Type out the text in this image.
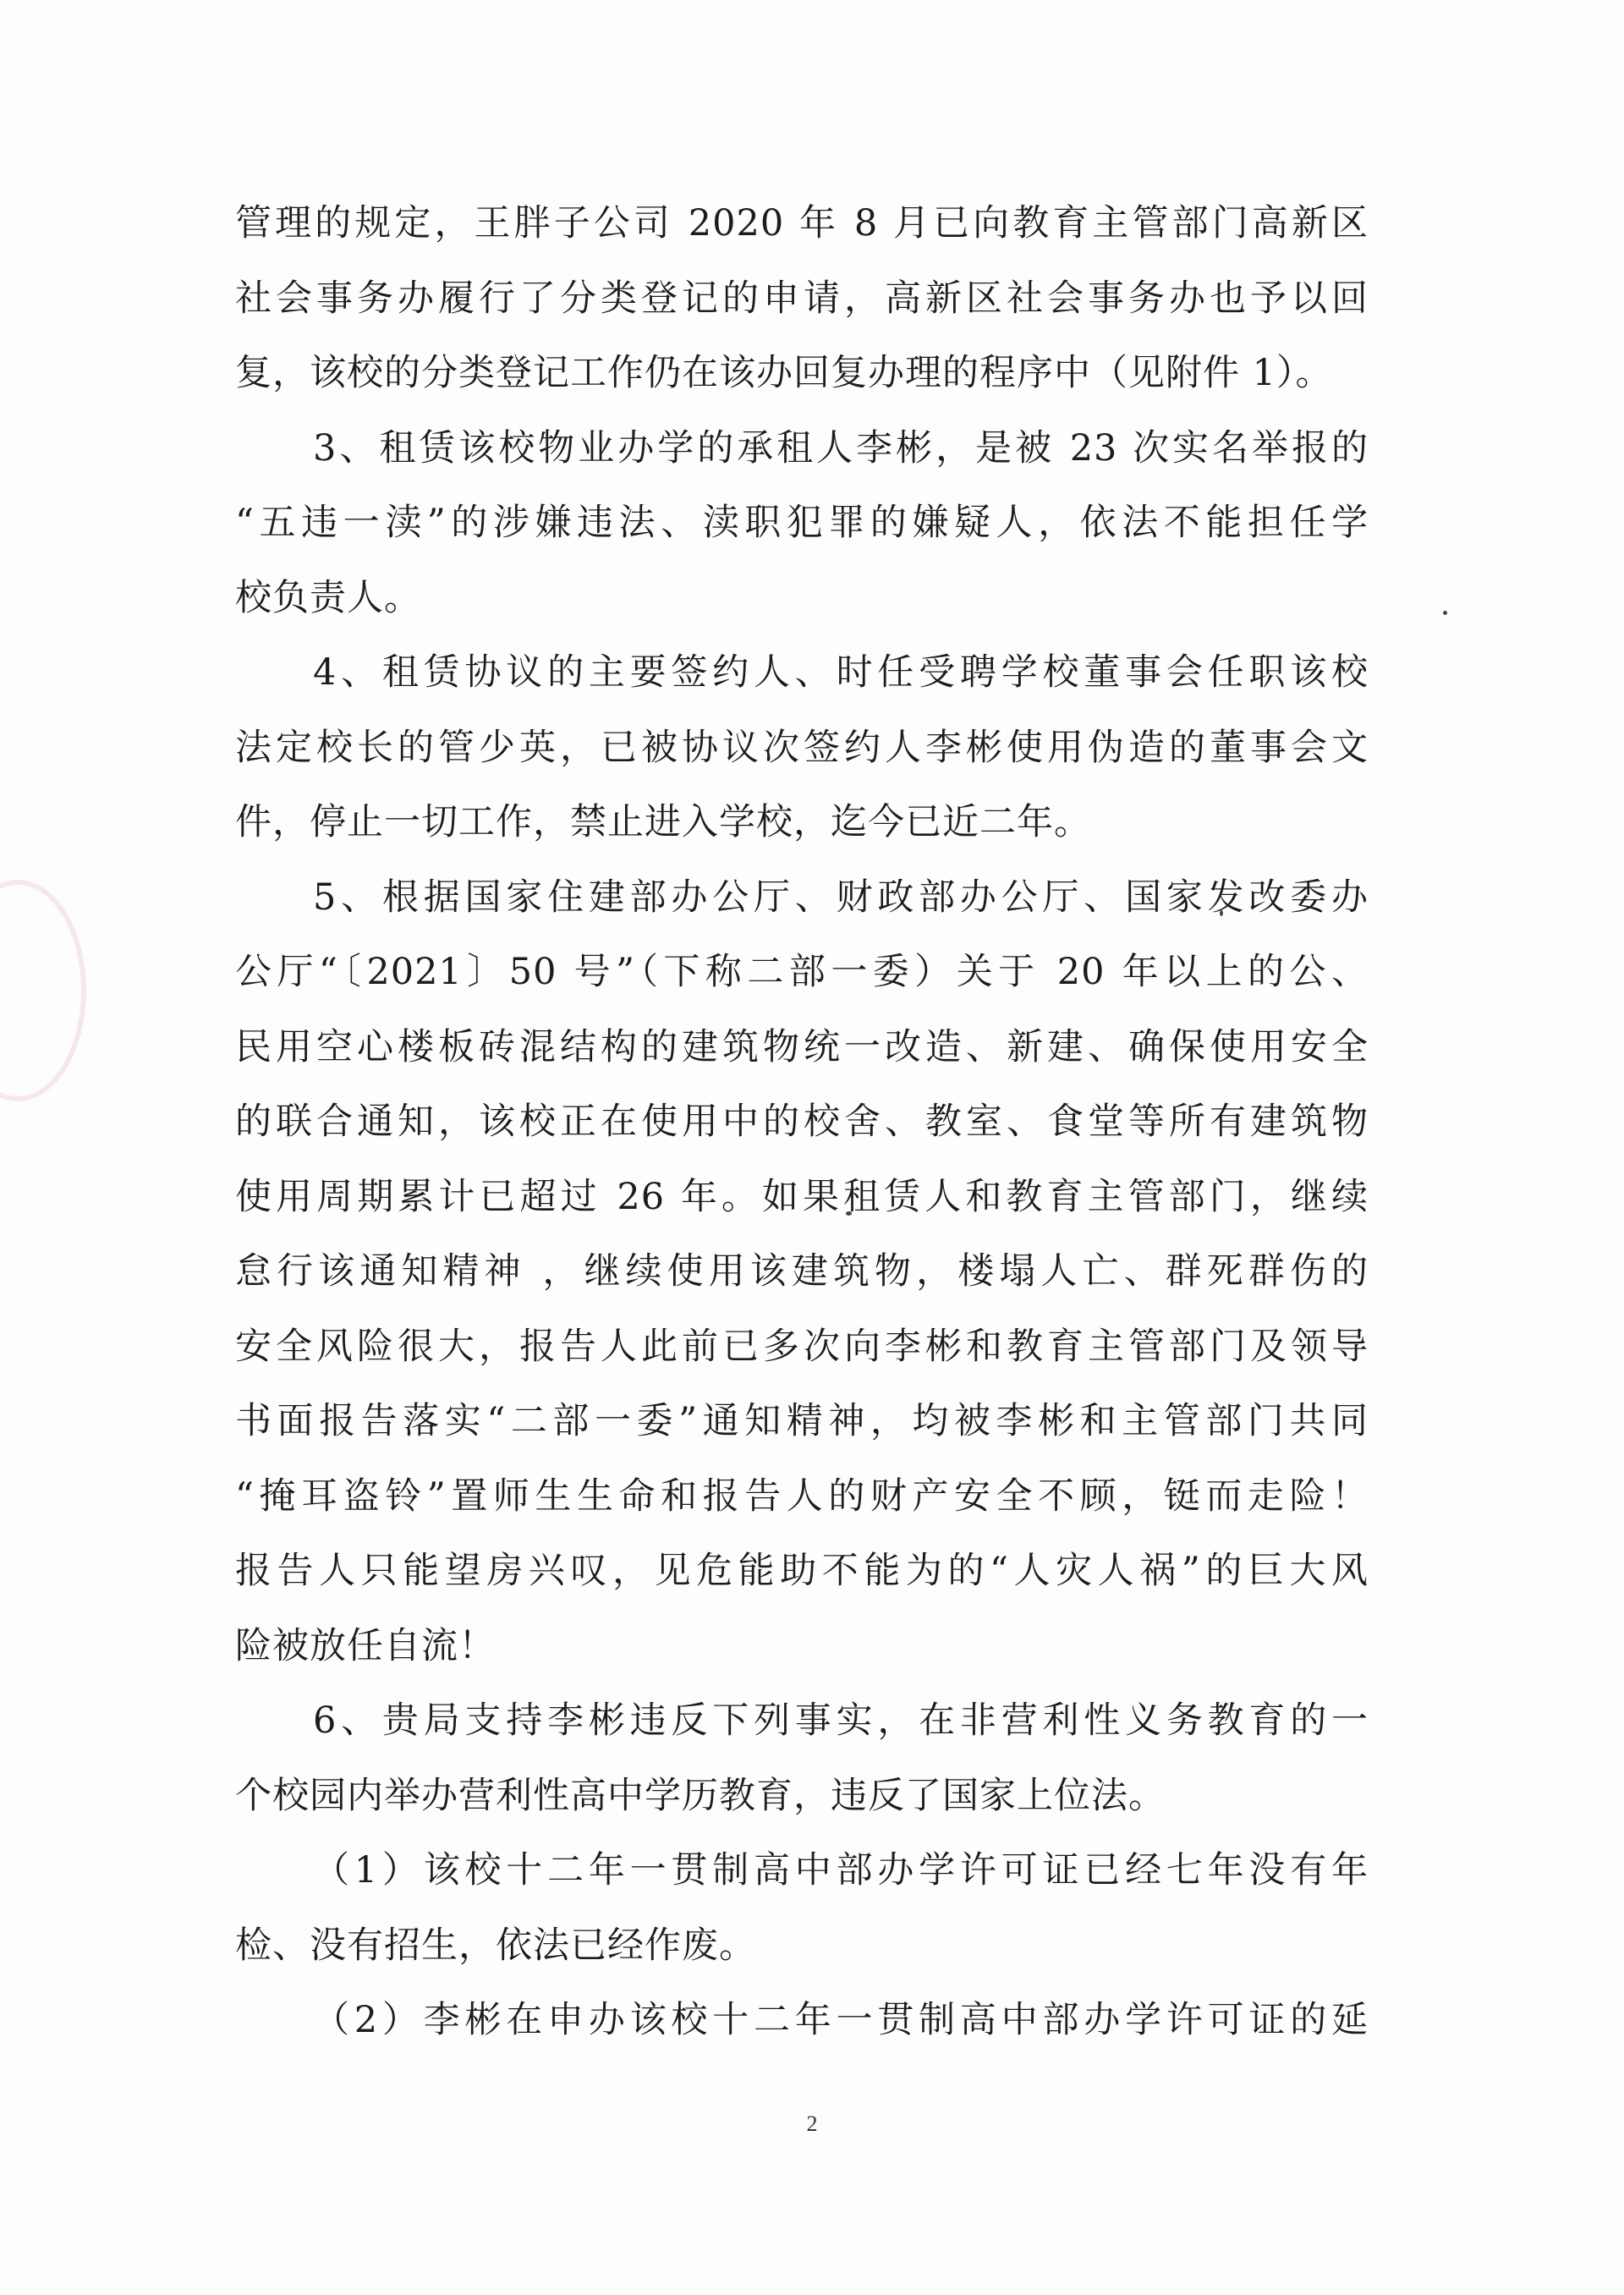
管理的规定，王胖子公司 2020 年 8 月已向教育主管部门高新区
社会事务办履行了分类登记的申请，高新区社会事务办也予以回
复，该校的分类登记工作仍在该办回复办理的程序中（见附件 1）。
3、租赁该校物业办学的承租人李彬，是被 23 次实名举报的
“五违一渎”的涉嫌违法、渎职犯罪的嫌疑人，依法不能担任学
校负责人。
4、租赁协议的主要签约人、时任受聘学校董事会任职该校
法定校长的管少英，已被协议次签约人李彬使用伪造的董事会文
件，停止一切工作，禁止进入学校，迄今已近二年。
5、根据国家住建部办公厅、财政部办公厅、国家发改委办
公厅“〔2021〕50 号”（下称二部一委）关于 20 年以上的公、
民用空心楼板砖混结构的建筑物统一改造、新建、确保使用安全
的联合通知，该校正在使用中的校舍、教室、食堂等所有建筑物
使用周期累计已超过 26 年。如果租赁人和教育主管部门，继续
怠行该通知精神 ，继续使用该建筑物，楼塌人亡、群死群伤的
安全风险很大，报告人此前已多次向李彬和教育主管部门及领导
书面报告落实“二部一委”通知精神，均被李彬和主管部门共同
“掩耳盗铃”置师生生命和报告人的财产安全不顾，铤而走险！
报告人只能望房兴叹，见危能助不能为的“人灾人祸”的巨大风
险被放任自流！
6、贵局支持李彬违反下列事实，在非营利性义务教育的一
个校园内举办营利性高中学历教育，违反了国家上位法。
（1）该校十二年一贯制高中部办学许可证已经七年没有年
检、没有招生，依法已经作废。
（2）李彬在申办该校十二年一贯制高中部办学许可证的延
2
